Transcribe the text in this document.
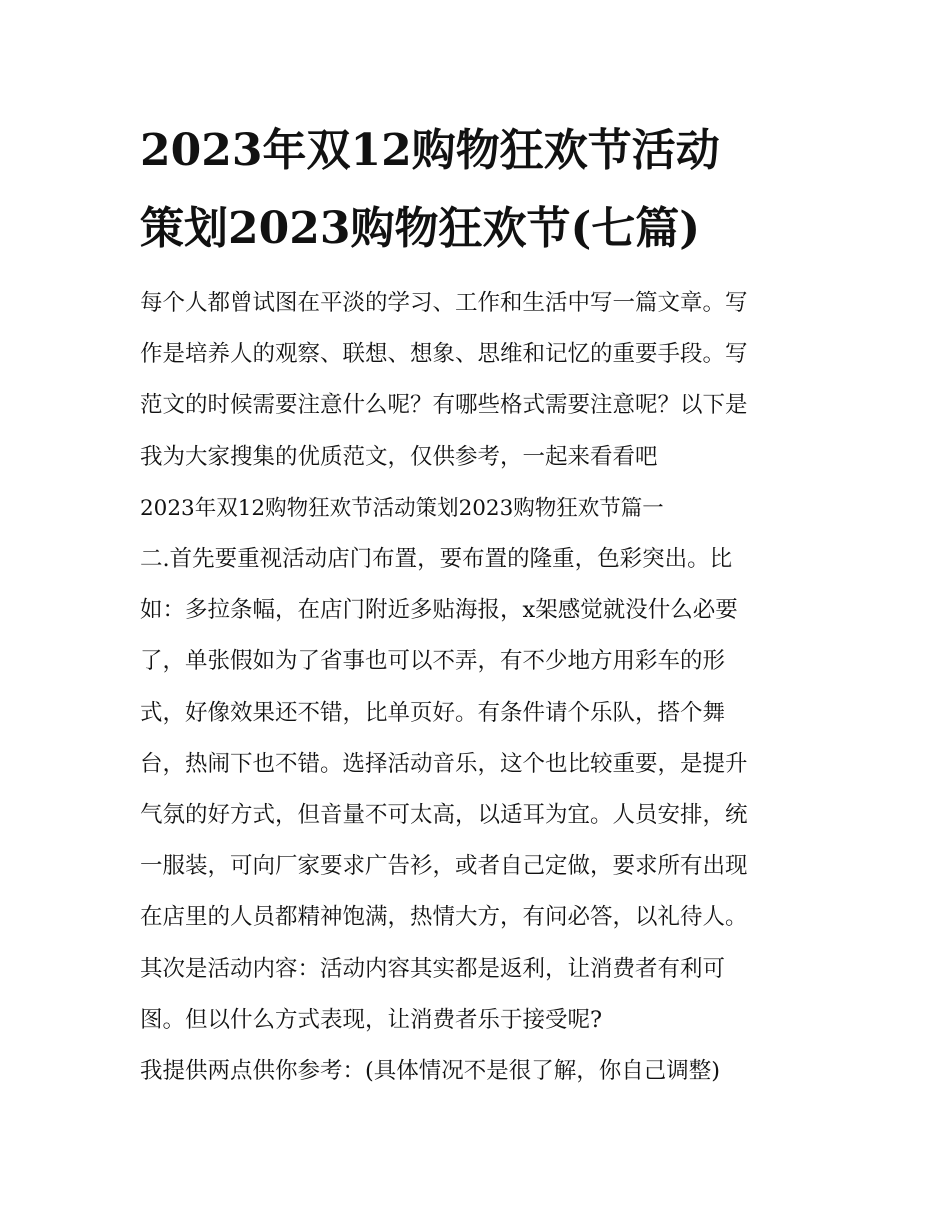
2023年双12购物狂欢节活动
策划2023购物狂欢节(七篇)

每个人都曾试图在平淡的学习、工作和生活中写一篇文章。写
作是培养人的观察、联想、想象、思维和记忆的重要手段。写
范文的时候需要注意什么呢？有哪些格式需要注意呢？以下是
我为大家搜集的优质范文，仅供参考，一起来看看吧

2023年双12购物狂欢节活动策划2023购物狂欢节篇一

二.首先要重视活动店门布置，要布置的隆重，色彩突出。比
如：多拉条幅，在店门附近多贴海报，x架感觉就没什么必要
了，单张假如为了省事也可以不弄，有不少地方用彩车的形
式，好像效果还不错，比单页好。有条件请个乐队，搭个舞
台，热闹下也不错。选择活动音乐，这个也比较重要，是提升
气氛的好方式，但音量不可太高，以适耳为宜。人员安排，统
一服装，可向厂家要求广告衫，或者自己定做，要求所有出现
在店里的人员都精神饱满，热情大方，有问必答，以礼待人。
其次是活动内容：活动内容其实都是返利，让消费者有利可
图。但以什么方式表现，让消费者乐于接受呢?

我提供两点供你参考：(具体情况不是很了解，你自己调整)
